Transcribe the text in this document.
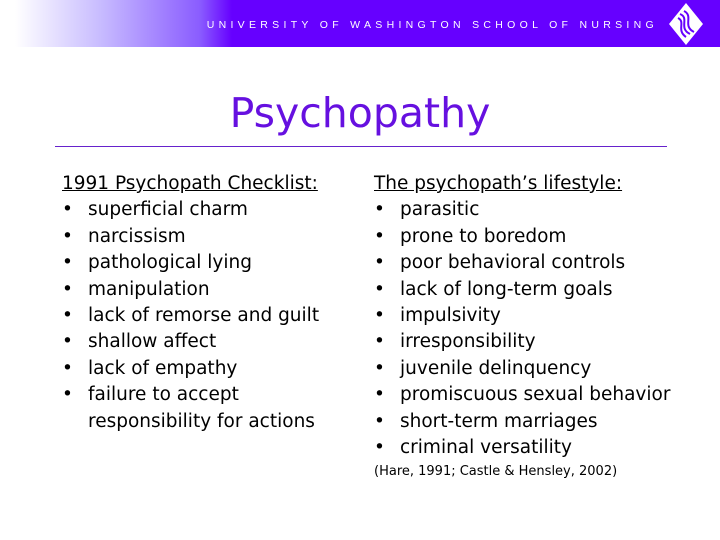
UNIVERSITY OF WASHINGTON SCHOOL OF NURSING
Psychopathy
1991 Psychopath Checklist:
• superficial charm
• narcissism
• pathological lying
• manipulation
• lack of remorse and guilt
• shallow affect
• lack of empathy
• failure to accept responsibility for actions
The psychopath’s lifestyle:
• parasitic
• prone to boredom
• poor behavioral controls
• lack of long-term goals
• impulsivity
• irresponsibility
• juvenile delinquency
• promiscuous sexual behavior
• short-term marriages
• criminal versatility
(Hare, 1991; Castle & Hensley, 2002)
